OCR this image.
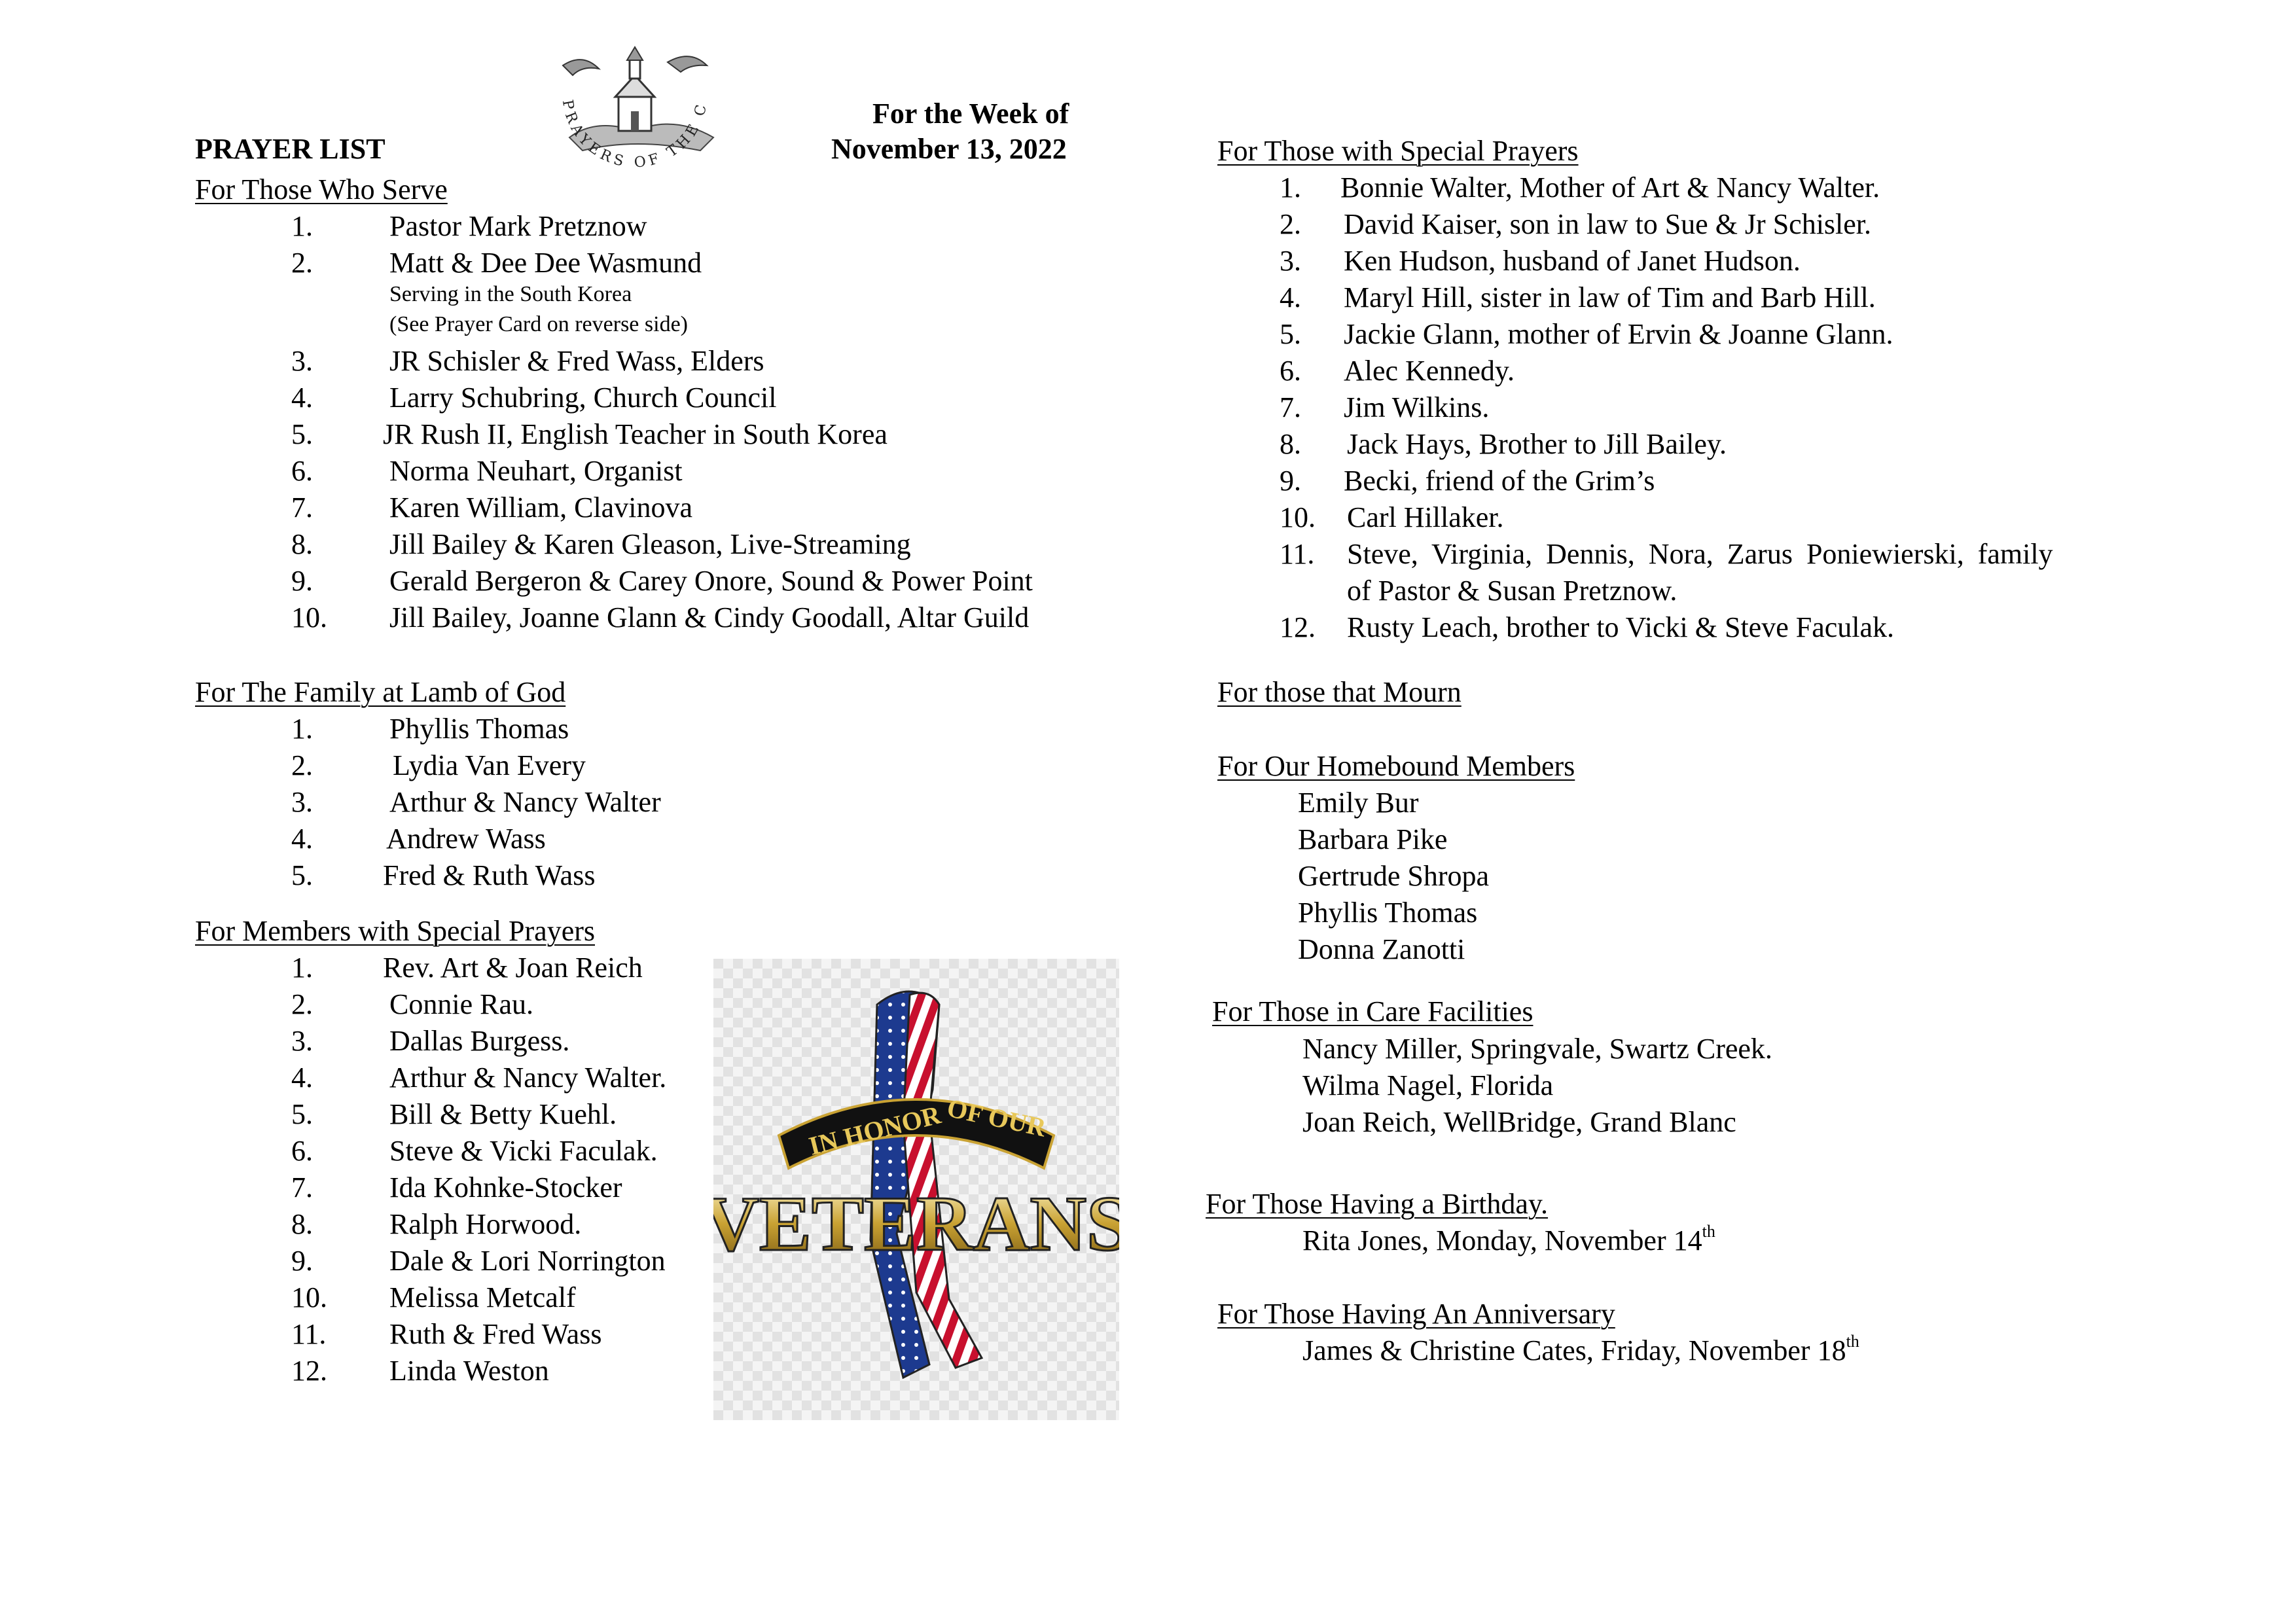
PRAYERS OF THE C
PRAYER LIST
For the Week of
November 13, 2022
For Those Who Serve
1.	Pastor Mark Pretznow
2.	Matt & Dee Dee Wasmund
Serving in the South Korea
(See Prayer Card on reverse side)
3.	JR Schisler & Fred Wass, Elders
4.	Larry Schubring, Church Council
5. JR Rush II, English Teacher in South Korea
6.	Norma Neuhart, Organist
7.	Karen William, Clavinova
8.	Jill Bailey & Karen Gleason, Live-Streaming
9.	Gerald Bergeron & Carey Onore, Sound & Power Point
10. Jill Bailey, Joanne Glann & Cindy Goodall, Altar Guild
For The Family at Lamb of God
1.	Phyllis Thomas
2.	Lydia Van Every
3.	Arthur & Nancy Walter
4.	Andrew Wass
5. Fred & Ruth Wass
For Members with Special Prayers
1. Rev. Art & Joan Reich
2.	Connie Rau.
3.	Dallas Burgess.
4.	Arthur & Nancy Walter.
5.	Bill & Betty Kuehl.
6.	Steve & Vicki Faculak.
7.	Ida Kohnke-Stocker
8.	Ralph Horwood.
9.	Dale & Lori Norrington
10. Melissa Metcalf
11. Ruth & Fred Wass
12. Linda Weston
IN HONOR OF OUR
VETERANS
For Those with Special Prayers
1. Bonnie Walter, Mother of Art & Nancy Walter.
2. David Kaiser, son in law to Sue & Jr Schisler.
3. Ken Hudson, husband of Janet Hudson.
4. Maryl Hill, sister in law of Tim and Barb Hill.
5. Jackie Glann, mother of Ervin & Joanne Glann.
6. Alec Kennedy.
7. Jim Wilkins.
8. Jack Hays, Brother to Jill Bailey.
9. Becki, friend of the Grim’s
10. Carl Hillaker.
11. Steve, Virginia, Dennis, Nora, Zarus Poniewierski, family
of Pastor & Susan Pretznow.
12. Rusty Leach, brother to Vicki & Steve Faculak.
For those that Mourn
For Our Homebound Members
Emily Bur
Barbara Pike
Gertrude Shropa
Phyllis Thomas
Donna Zanotti
For Those in Care Facilities
Nancy Miller, Springvale, Swartz Creek.
Wilma Nagel, Florida
Joan Reich, WellBridge, Grand Blanc
For Those Having a Birthday.
Rita Jones, Monday, November 14th
For Those Having An Anniversary
James & Christine Cates, Friday, November 18th
